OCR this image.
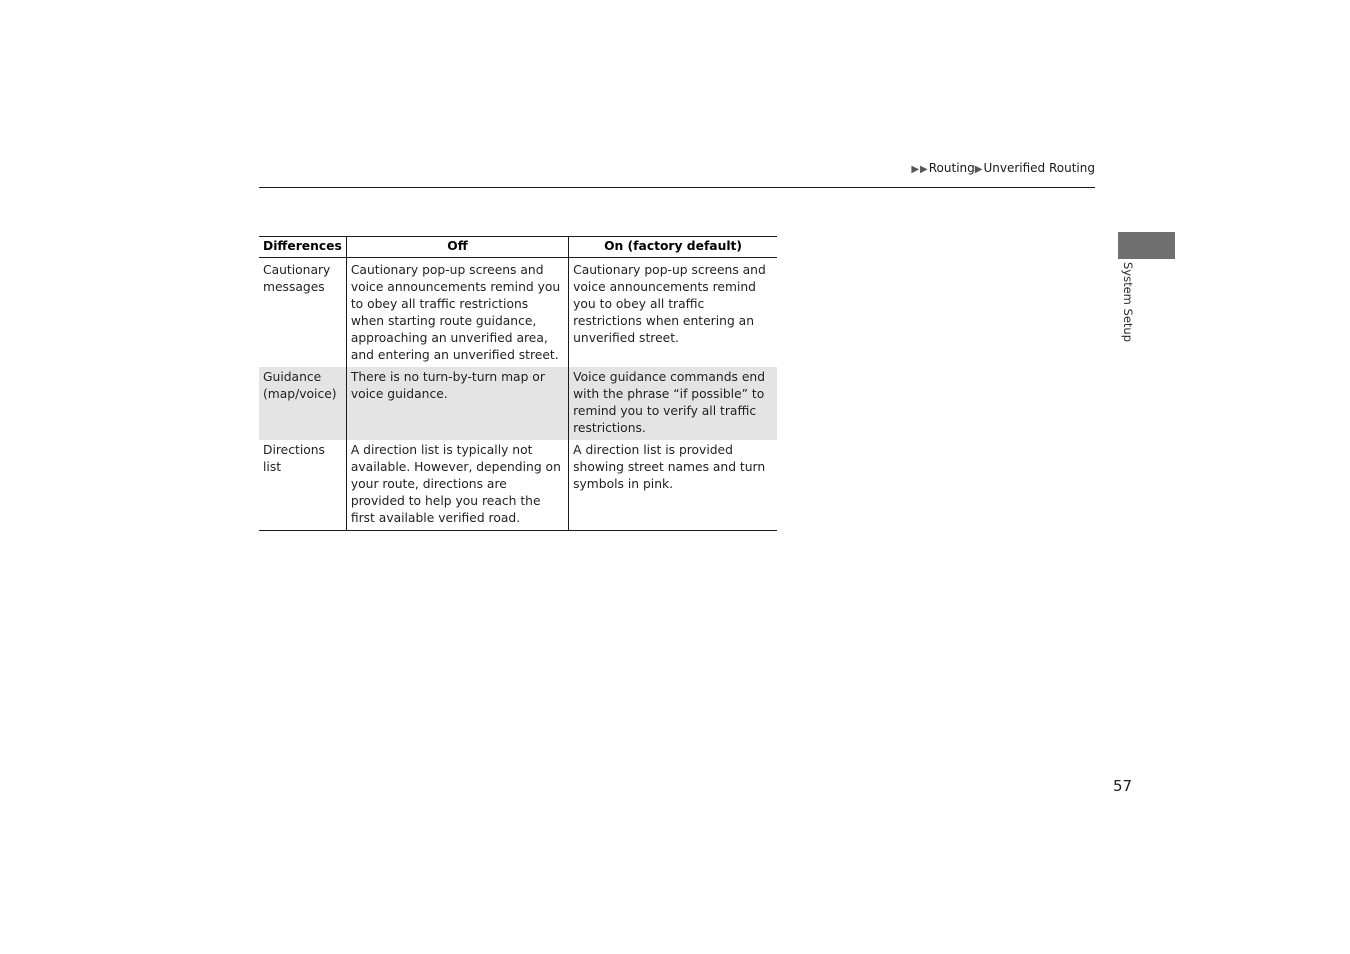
▶▶Routing▶Unverified Routing
System Setup
Differences	Off	On (factory default)
Cautionary messages	Cautionary pop-up screens and voice announcements remind you to obey all traffic restrictions when starting route guidance, approaching an unverified area, and entering an unverified street.	Cautionary pop-up screens and voice announcements remind you to obey all traffic restrictions when entering an unverified street.
Guidance (map/voice)	There is no turn-by-turn map or voice guidance.	Voice guidance commands end with the phrase “if possible” to remind you to verify all traffic restrictions.
Directions list	A direction list is typically not available. However, depending on your route, directions are provided to help you reach the first available verified road.	A direction list is provided showing street names and turn symbols in pink.
57
